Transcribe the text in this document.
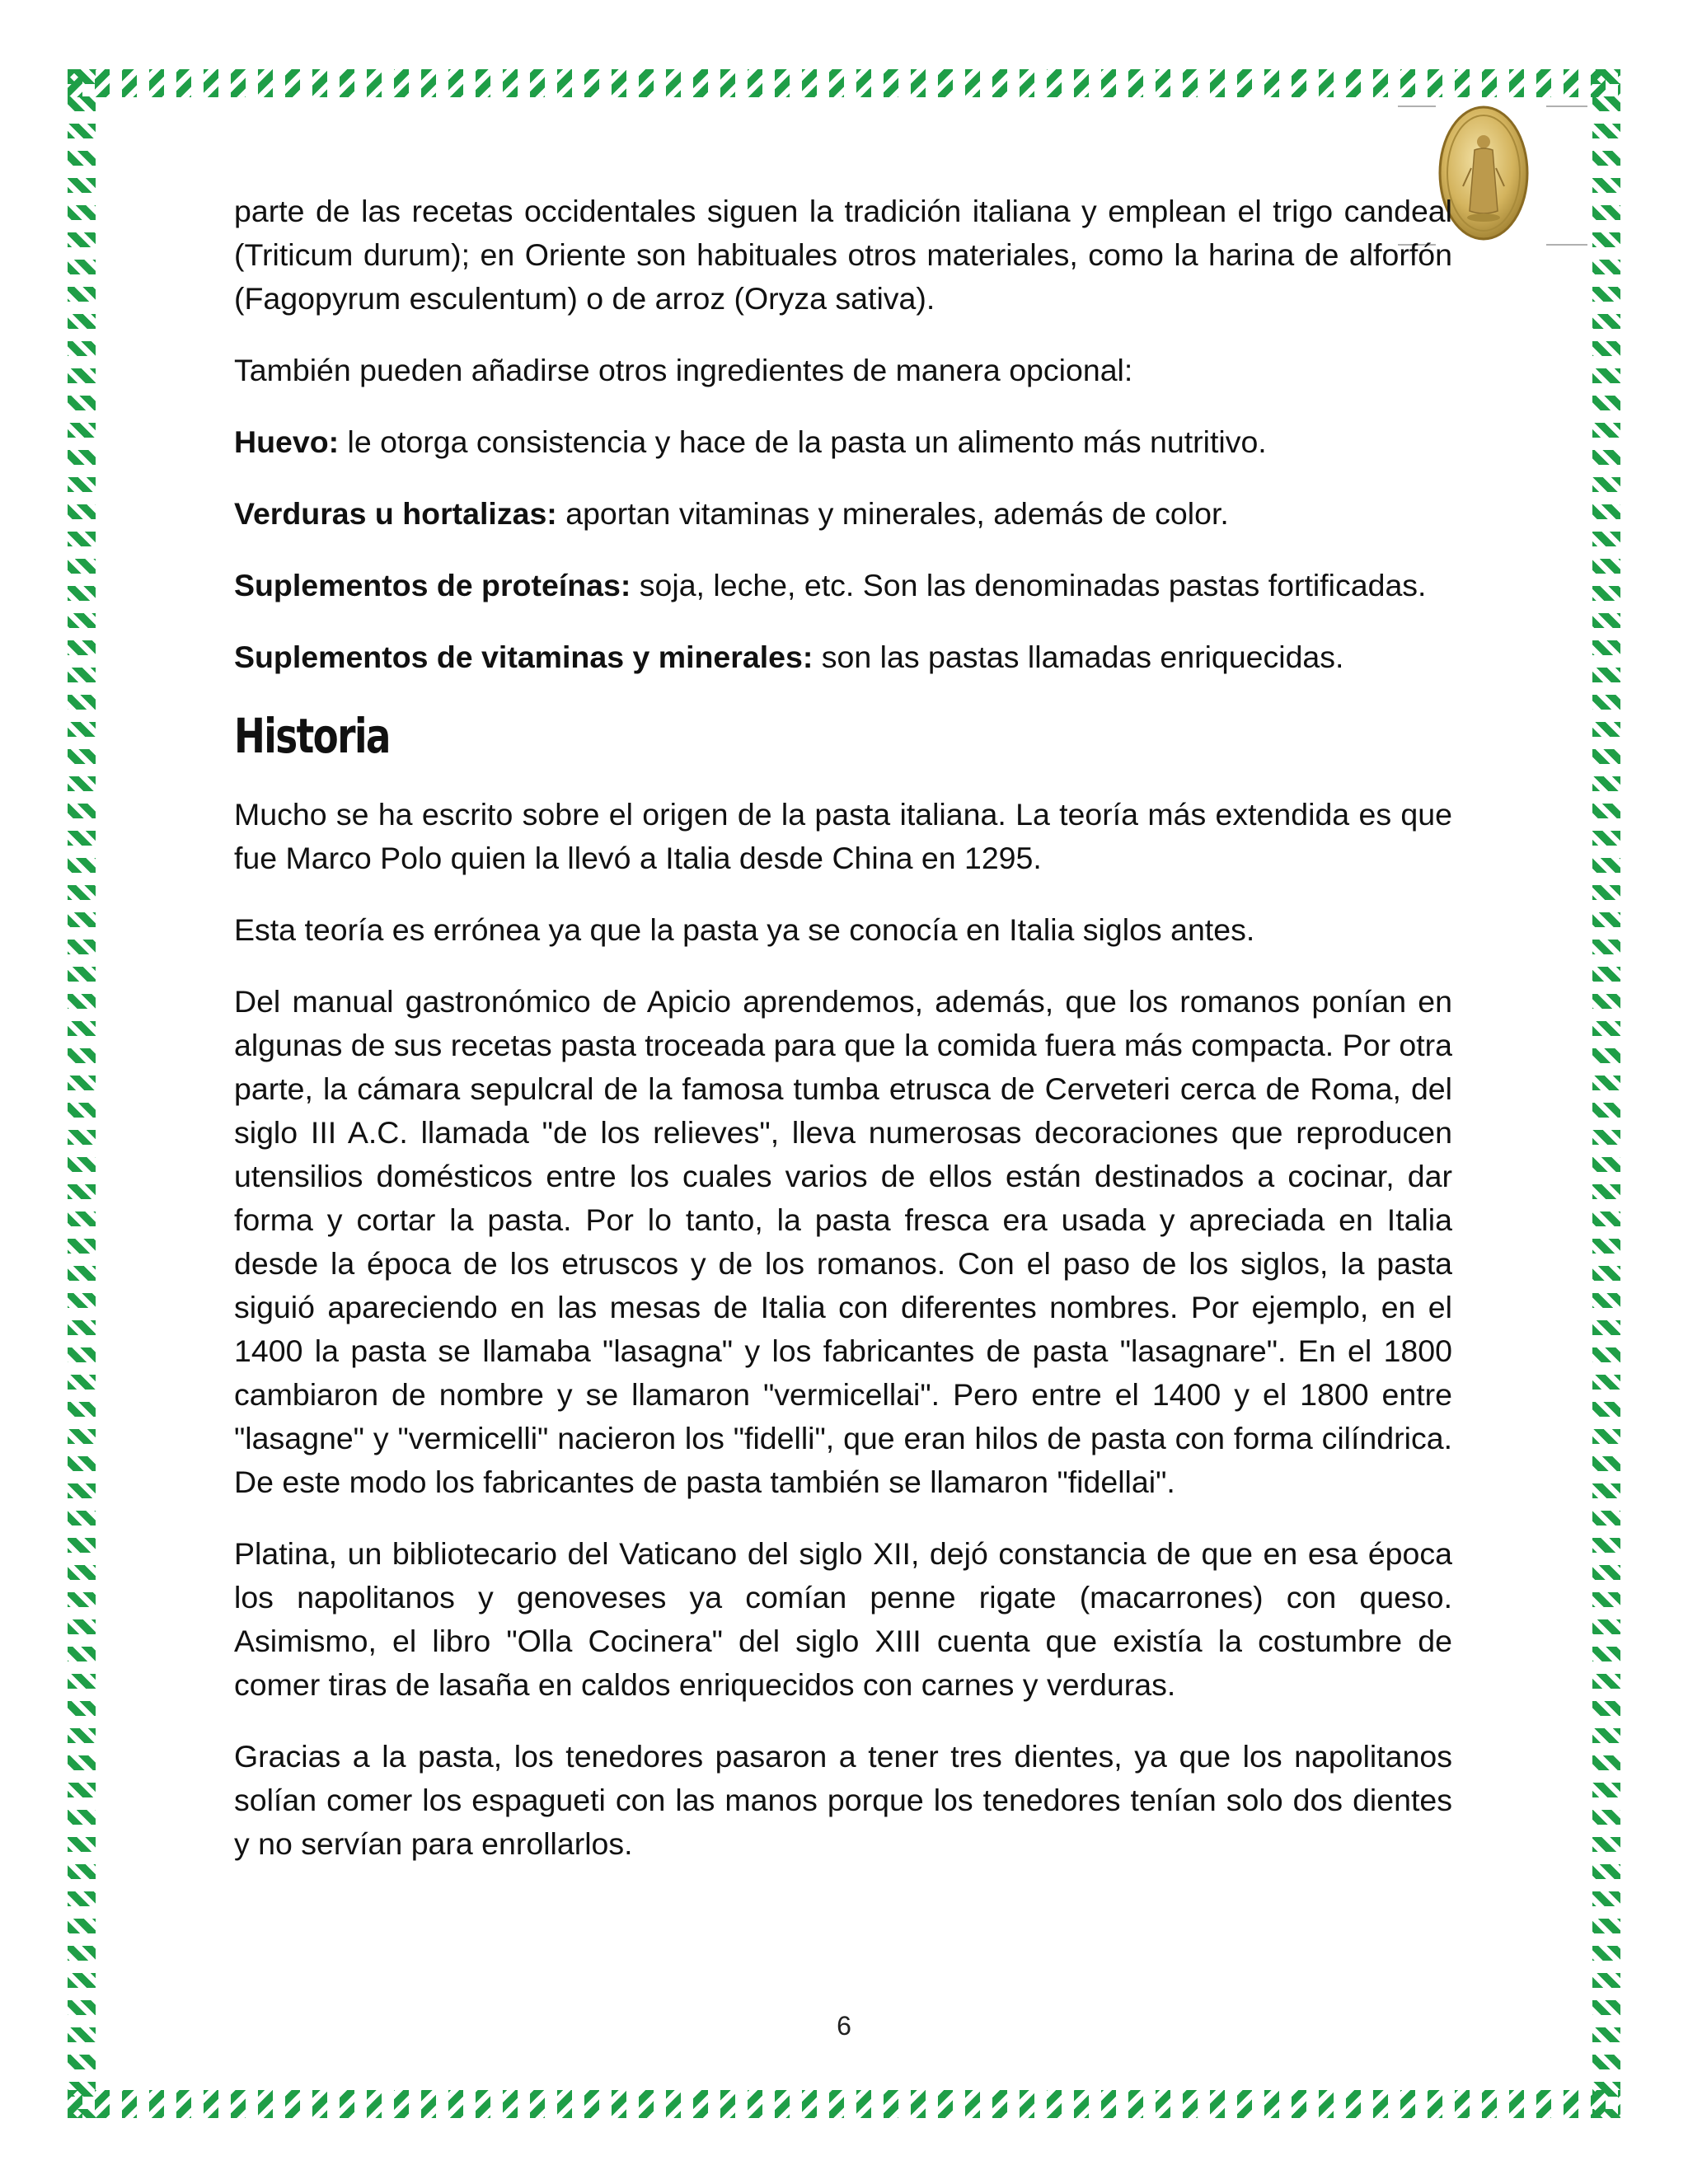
parte de las recetas occidentales siguen la tradición italiana y emplean el trigo candeal (Triticum durum); en Oriente son habituales otros materiales, como la harina de alforfón (Fagopyrum esculentum) o de arroz (Oryza sativa).

También pueden añadirse otros ingredientes de manera opcional:

Huevo: le otorga consistencia y hace de la pasta un alimento más nutritivo.

Verduras u hortalizas: aportan vitaminas y minerales, además de color.

Suplementos de proteínas: soja, leche, etc. Son las denominadas pastas fortificadas.

Suplementos de vitaminas y minerales: son las pastas llamadas enriquecidas.

Historia

Mucho se ha escrito sobre el origen de la pasta italiana. La teoría más extendida es que fue Marco Polo quien la llevó a Italia desde China en 1295.

Esta teoría es errónea ya que la pasta ya se conocía en Italia siglos antes.

Del manual gastronómico de Apicio aprendemos, además, que los romanos ponían en algunas de sus recetas pasta troceada para que la comida fuera más compacta. Por otra parte, la cámara sepulcral de la famosa tumba etrusca de Cerveteri cerca de Roma, del siglo III A.C. llamada "de los relieves", lleva numerosas decoraciones que reproducen utensilios domésticos entre los cuales varios de ellos están destinados a cocinar, dar forma y cortar la pasta. Por lo tanto, la pasta fresca era usada y apreciada en Italia desde la época de los etruscos y de los romanos. Con el paso de los siglos, la pasta siguió apareciendo en las mesas de Italia con diferentes nombres. Por ejemplo, en el 1400 la pasta se llamaba "lasagna" y los fabricantes de pasta "lasagnare". En el 1800 cambiaron de nombre y se llamaron "vermicellai". Pero entre el 1400 y el 1800 entre "lasagne" y "vermicelli" nacieron los "fidelli", que eran hilos de pasta con forma cilíndrica. De este modo los fabricantes de pasta también se llamaron "fidellai".

Platina, un bibliotecario del Vaticano del siglo XII, dejó constancia de que en esa época los napolitanos y genoveses ya comían penne rigate (macarrones) con queso. Asimismo, el libro "Olla Cocinera" del siglo XIII cuenta que existía la costumbre de comer tiras de lasaña en caldos enriquecidos con carnes y verduras.

Gracias a la pasta, los tenedores pasaron a tener tres dientes, ya que los napolitanos solían comer los espagueti con las manos porque los tenedores tenían solo dos dientes y no servían para enrollarlos.

6
